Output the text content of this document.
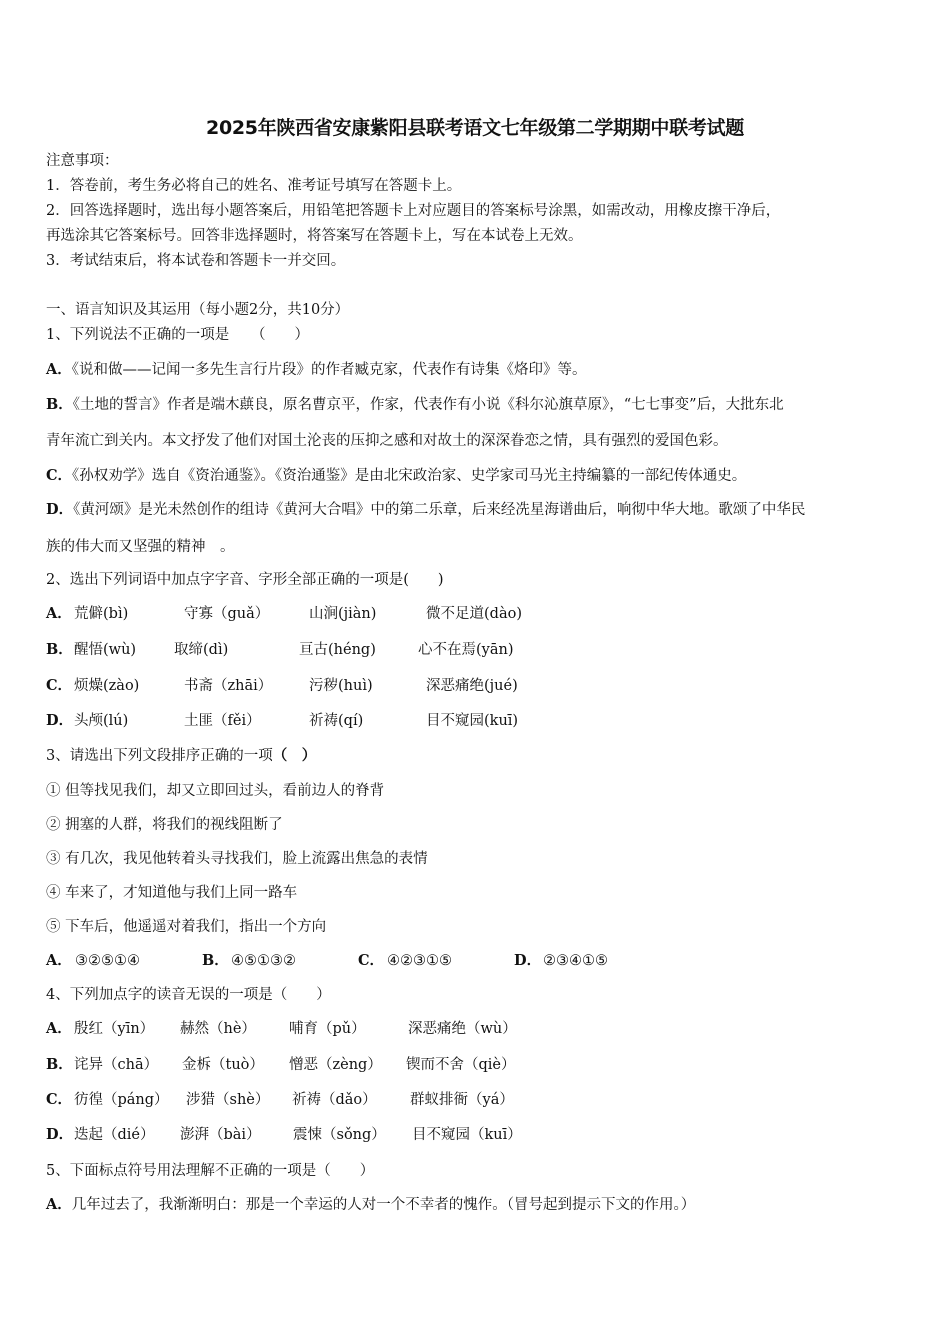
2025年陕西省安康紫阳县联考语文七年级第二学期期中联考试题
注意事项：
1．答卷前，考生务必将自己的姓名、准考证号填写在答题卡上。
2．回答选择题时，选出每小题答案后，用铅笔把答题卡上对应题目的答案标号涂黑，如需改动，用橡皮擦干净后，
再选涂其它答案标号。回答非选择题时，将答案写在答题卡上，写在本试卷上无效。
3．考试结束后，将本试卷和答题卡一并交回。
一、语言知识及其运用（每小题2分，共10分）
1、下列说法不正确的一项是　　（　　）
A．《说和做——记闻一多先生言行片段》的作者臧克家，代表作有诗集《烙印》等。
B．《土地的誓言》作者是端木蕻良，原名曹京平，作家，代表作有小说《科尔沁旗草原》，“七七事变”后，大批东北
青年流亡到关内。本文抒发了他们对国土沦丧的压抑之感和对故土的深深眷恋之情，具有强烈的爱国色彩。
C．《孙权劝学》选自《资治通鉴》。《资治通鉴》是由北宋政治家、史学家司马光主持编纂的一部纪传体通史。
D．《黄河颂》是光未然创作的组诗《黄河大合唱》中的第二乐章，后来经冼星海谱曲后，响彻中华大地。歌颂了中华民
族的伟大而又坚强的精神　。
2、选出下列词语中加点字字音、字形全部正确的一项是(　　)
A． 荒僻(bì)	守寡（guǎ）	山涧(jiàn)	微不足道(dào)
B． 醒悟(wù)	取缔(dì)	亘古(héng)	心不在焉(yān)
C． 烦燥(zào)	书斋（zhāi）	污秽(huì)	深恶痛绝(jué)
D． 头颅(lú)	土匪（fěi）	祈祷(qí)	目不窥园(kuī)
3、请选出下列文段排序正确的一项（　）
① 但等找见我们，却又立即回过头，看前边人的脊背
② 拥塞的人群，将我们的视线阻断了
③ 有几次，我见他转着头寻找我们，脸上流露出焦急的表情
④ 车来了，才知道他与我们上同一路车
⑤ 下车后，他遥遥对着我们，指出一个方向
A． ③②⑤①④	B． ④⑤①③②	C． ④②③①⑤	D． ②③④①⑤
4、下列加点字的读音无误的一项是（　　）
A． 殷红（yīn） 赫然（hè） 哺育（pǔ）	深恶痛绝（wù）
B． 诧异（chā） 金柝（tuò） 憎恶（zèng） 锲而不舍（qiè）
C． 彷徨（páng） 涉猎（shè） 祈祷（dǎo） 群蚁排衙（yá）
D． 迭起（dié） 澎湃（bài） 震悚（sǒng） 目不窥园（kuī）
5、下面标点符号用法理解不正确的一项是（　　）
A．几年过去了，我渐渐明白：那是一个幸运的人对一个不幸者的愧作。（冒号起到提示下文的作用。）
